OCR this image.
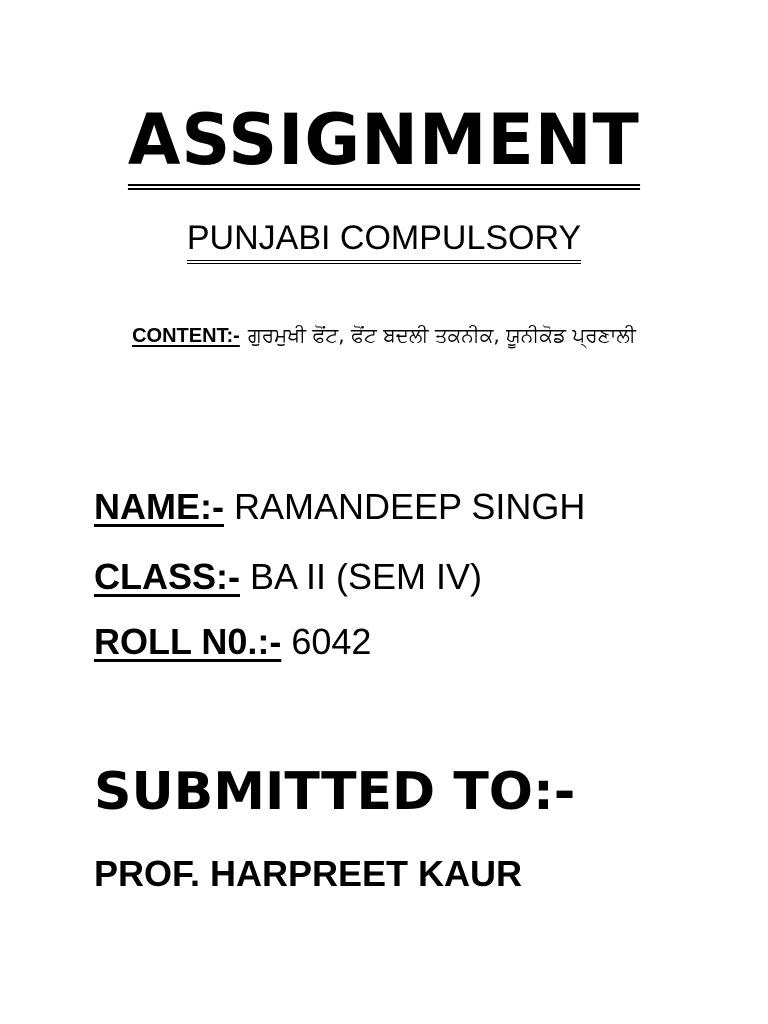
ASSIGNMENT
PUNJABI COMPULSORY
CONTENT:- ਗੁਰਮੁਖੀ ਫੋਂਟ, ਫੋਂਟ ਬਦਲੀ ਤਕਨੀਕ, ਯੂਨੀਕੋਡ ਪ੍ਰਣਾਲੀ
NAME:- RAMANDEEP SINGH
CLASS:- BA II (SEM IV)
ROLL N0.:- 6042
SUBMITTED TO:-
PROF. HARPREET KAUR
